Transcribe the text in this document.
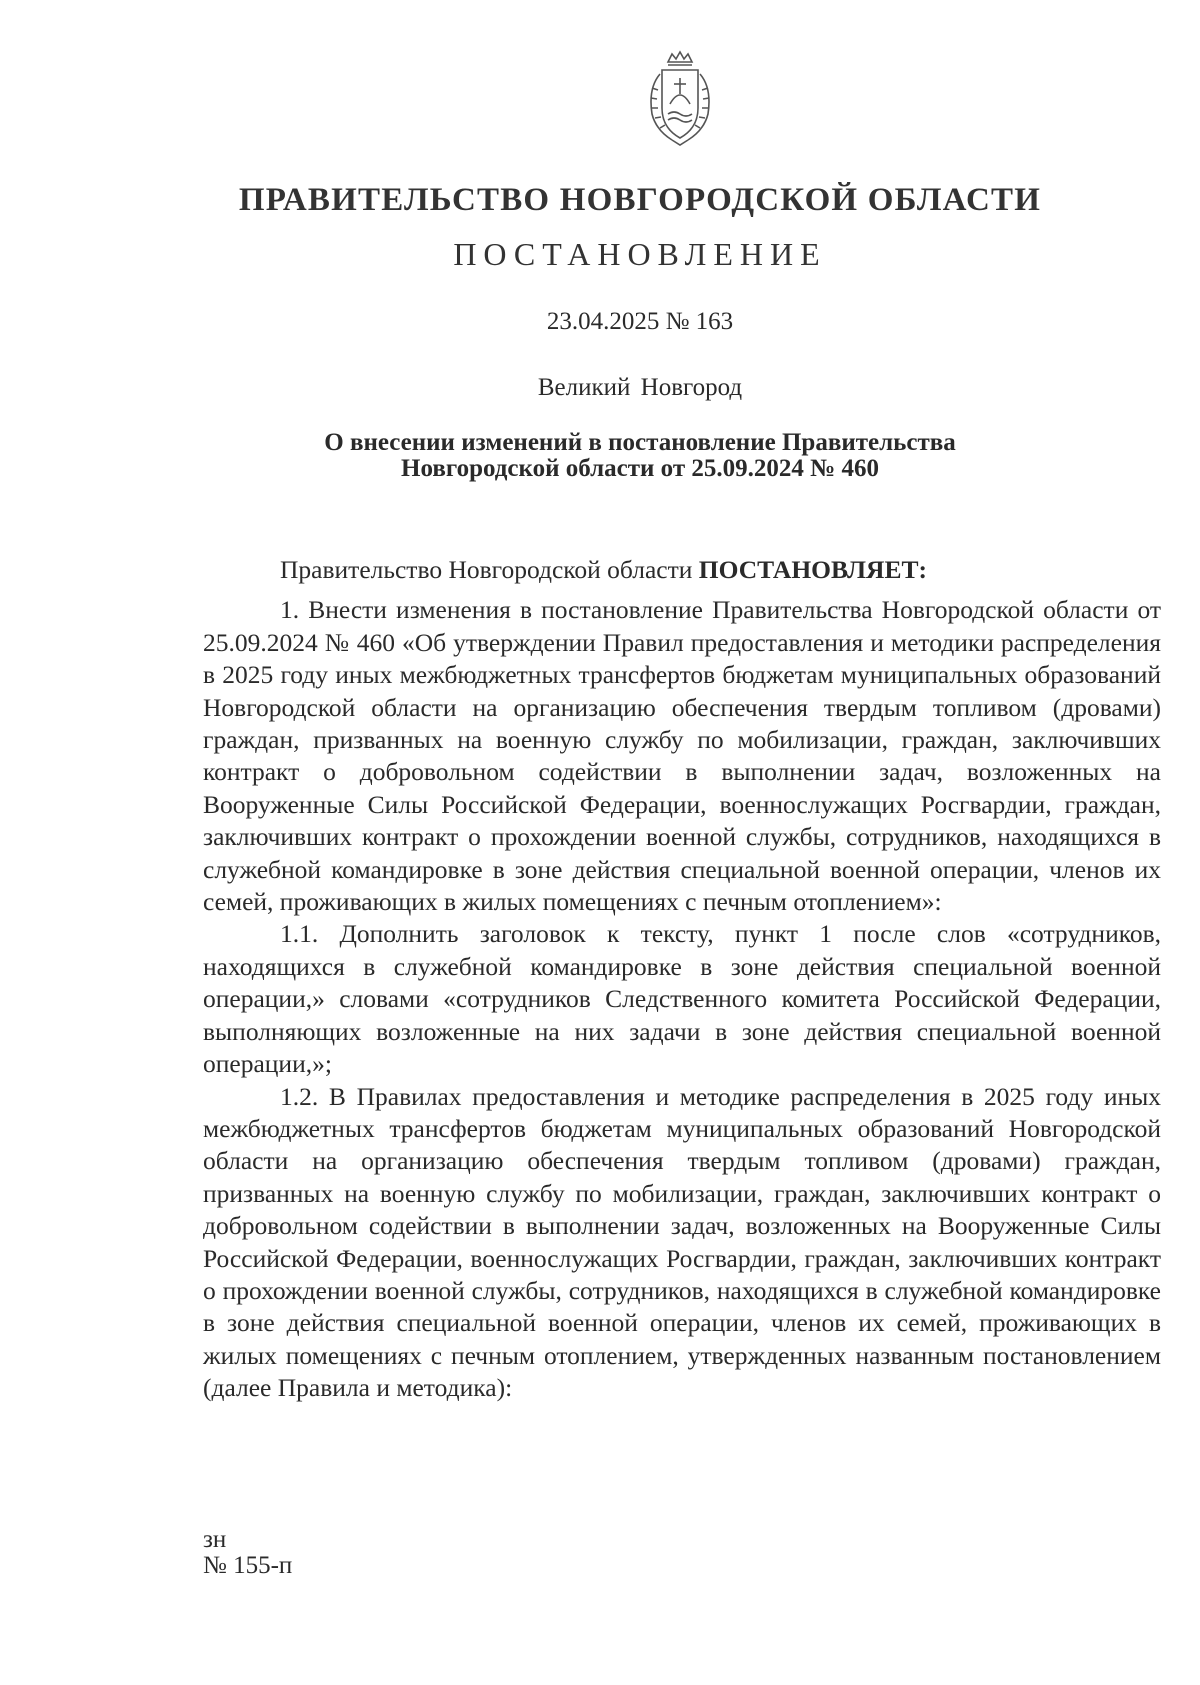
ПРАВИТЕЛЬСТВО НОВГОРОДСКОЙ ОБЛАСТИ
ПОСТАНОВЛЕНИЕ
23.04.2025 № 163
Великий Новгород
О внесении изменений в постановление Правительства
Новгородской области от 25.09.2024 № 460

Правительство Новгородской области ПОСТАНОВЛЯЕТ:

1. Внести изменения в постановление Правительства Новгородской области от 25.09.2024 № 460 «Об утверждении Правил предоставления и методики распределения в 2025 году иных межбюджетных трансфертов бюджетам муниципальных образований Новгородской области на организацию обеспечения твердым топливом (дровами) граждан, призванных на военную службу по мобилизации, граждан, заключивших контракт о добровольном содействии в выполнении задач, возложенных на Вооруженные Силы Российской Федерации, военнослужащих Росгвардии, граждан, заключивших контракт о прохождении военной службы, сотрудников, находящихся в служебной командировке в зоне действия специальной военной операции, членов их семей, проживающих в жилых помещениях с печным отоплением»:

1.1. Дополнить заголовок к тексту, пункт 1 после слов «сотрудников, находящихся в служебной командировке в зоне действия специальной военной операции,» словами «сотрудников Следственного комитета Российской Федерации, выполняющих возложенные на них задачи в зоне действия специальной военной операции,»;

1.2. В Правилах предоставления и методике распределения в 2025 году иных межбюджетных трансфертов бюджетам муниципальных образований Новгородской области на организацию обеспечения твердым топливом (дровами) граждан, призванных на военную службу по мобилизации, граждан, заключивших контракт о добровольном содействии в выполнении задач, возложенных на Вооруженные Силы Российской Федерации, военнослужащих Росгвардии, граждан, заключивших контракт о прохождении военной службы, сотрудников, находящихся в служебной командировке в зоне действия специальной военной операции, членов их семей, проживающих в жилых помещениях с печным отоплением, утвержденных названным постановлением (далее Правила и методика):

зн
№ 155-п
